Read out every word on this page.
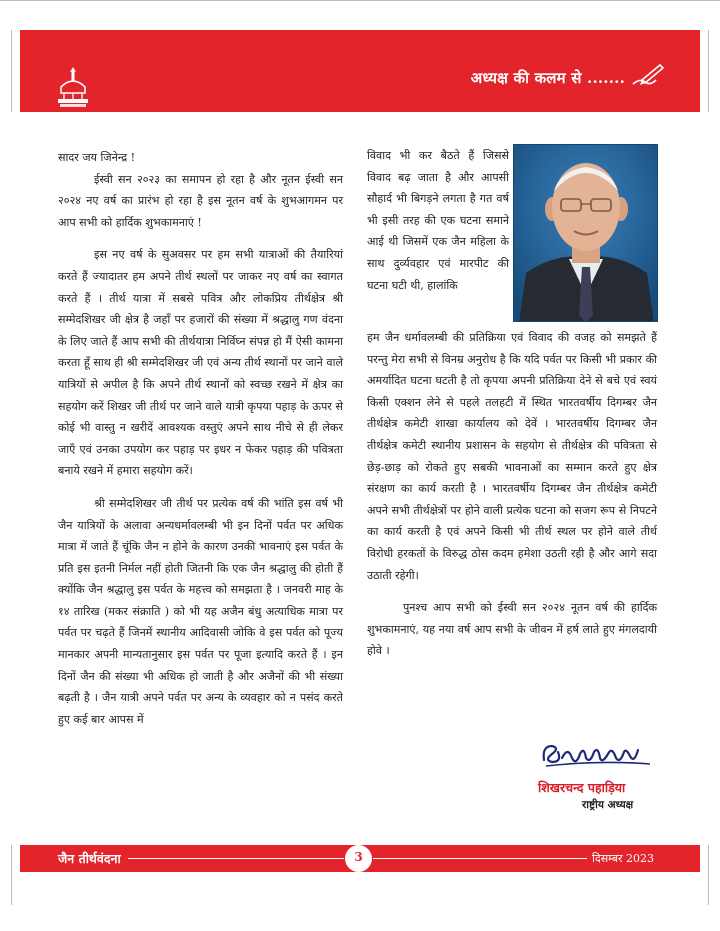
अध्यक्ष की कलम से .......

सादर जय जिनेन्द्र !

ईस्वी सन २०२३ का समापन हो रहा है और नूतन ईस्वी सन २०२४ नए वर्ष का प्रारंभ हो रहा है इस नूतन वर्ष के शुभआगमन पर आप सभी को हार्दिक शुभकामनाएं !

इस नए वर्ष के सुअवसर पर हम सभी यात्राओं की तैयारियां करते हैं ज्यादातर हम अपने तीर्थ स्थलों पर जाकर नए वर्ष का स्वागत करते हैं । तीर्थ यात्रा में सबसे पवित्र और लोकप्रिय तीर्थक्षेत्र श्री सम्मेदशिखर जी क्षेत्र है जहाँ पर हजारों की संख्या में श्रद्धालु गण वंदना के लिए जाते हैं आप सभी की तीर्थयात्रा निर्विघ्न संपन्न हो मैं ऐसी कामना करता हूँ साथ ही श्री सम्मेदशिखर जी एवं अन्य तीर्थ स्थानों पर जाने वाले यात्रियों से अपील है कि अपने तीर्थ स्थानों को स्वच्छ रखने में क्षेत्र का सहयोग करें शिखर जी तीर्थ पर जाने वाले यात्री कृपया पहाड़ के ऊपर से कोई भी वास्तु न खरीदें आवश्यक वस्तुएं अपने साथ नीचे से ही लेकर जाएँ एवं उनका उपयोग कर पहाड़ पर इधर न फेकर पहाड़ की पवित्रता बनाये रखने में हमारा सहयोग करें।

श्री सम्मेदशिखर जी तीर्थ पर प्रत्येक वर्ष की भांति इस वर्ष भी जैन यात्रियों के अलावा अन्यधर्मावलम्बी भी इन दिनों पर्वत पर अधिक मात्रा में जाते हैं चूंकि जैन न होने के कारण उनकी भावनाएं इस पर्वत के प्रति इस इतनी निर्मल नहीं होती जितनी कि एक जैन श्रद्धालु की होती हैं क्योंकि जैन श्रद्धालु इस पर्वत के महत्त्व को समझता है । जनवरी माह के १४ तारिख (मकर संक्राति ) को भी यह अजैन बंधु अत्याधिक मात्रा पर पर्वत पर चढ़ते हैं जिनमें स्थानीय आदिवासी जोकि वे इस पर्वत को पूज्य मानकार अपनी मान्यतानुसार इस पर्वत पर पूजा इत्यादि करते हैं । इन दिनों जैन की संख्या भी अधिक हो जाती है और अजैनों की भी संख्या बढ़ती है । जैन यात्री अपने पर्वत पर अन्य के व्यवहार को न पसंद करते हुए कई बार आपस में

विवाद भी कर बैठते हैं जिससे विवाद बढ़ जाता है और आपसी सौहार्द भी बिगड़ने लगता है गत वर्ष भी इसी तरह की एक घटना समाने आई थी जिसमें एक जैन महिला के साथ दुर्व्यवहार एवं मारपीट की घटना घटी थी, हालांकि

हम जैन धर्मावलम्बी की प्रतिक्रिया एवं विवाद की वजह को समझते हैं परन्तु मेरा सभी से विनम्र अनुरोध है कि यदि पर्वत पर किसी भी प्रकार की अमर्यादित घटना घटती है तो कृपया अपनी प्रतिक्रिया देने से बचे एवं स्वयं किसी एक्शन लेने से पहले तलहटी में स्थित भारतवर्षीय दिगम्बर जैन तीर्थक्षेत्र कमेटी शाखा कार्यालय को देवें । भारतवर्षीय दिगम्बर जैन तीर्थक्षेत्र कमेटी स्थानीय प्रशासन के सहयोग से तीर्थक्षेत्र की पवित्रता से छेड़-छाड़ को रोकते हुए सबकी भावनाओं का सम्मान करते हुए क्षेत्र संरक्षण का कार्य करती है । भारतवर्षीय दिगम्बर जैन तीर्थक्षेत्र कमेटी अपने सभी तीर्थक्षेत्रों पर होने वाली प्रत्येक घटना को सजग रूप से निपटने का कार्य करती है एवं अपने किसी भी तीर्थ स्थल पर होने वाले तीर्थ विरोधी हरकतों के विरुद्ध ठोस कदम हमेशा उठती रही है और आगे सदा उठाती रहेगी।

पुनश्च आप सभी को ईस्वी सन २०२४ नूतन वर्ष की हार्दिक शुभकामनाएं, यह नया वर्ष आप सभी के जीवन में हर्ष लाते हुए मंगलदायी होवे ।

शिखरचन्द पहाड़िया
राष्ट्रीय अध्यक्ष
जैन तीर्थवंदना	3	दिसम्बर 2023
